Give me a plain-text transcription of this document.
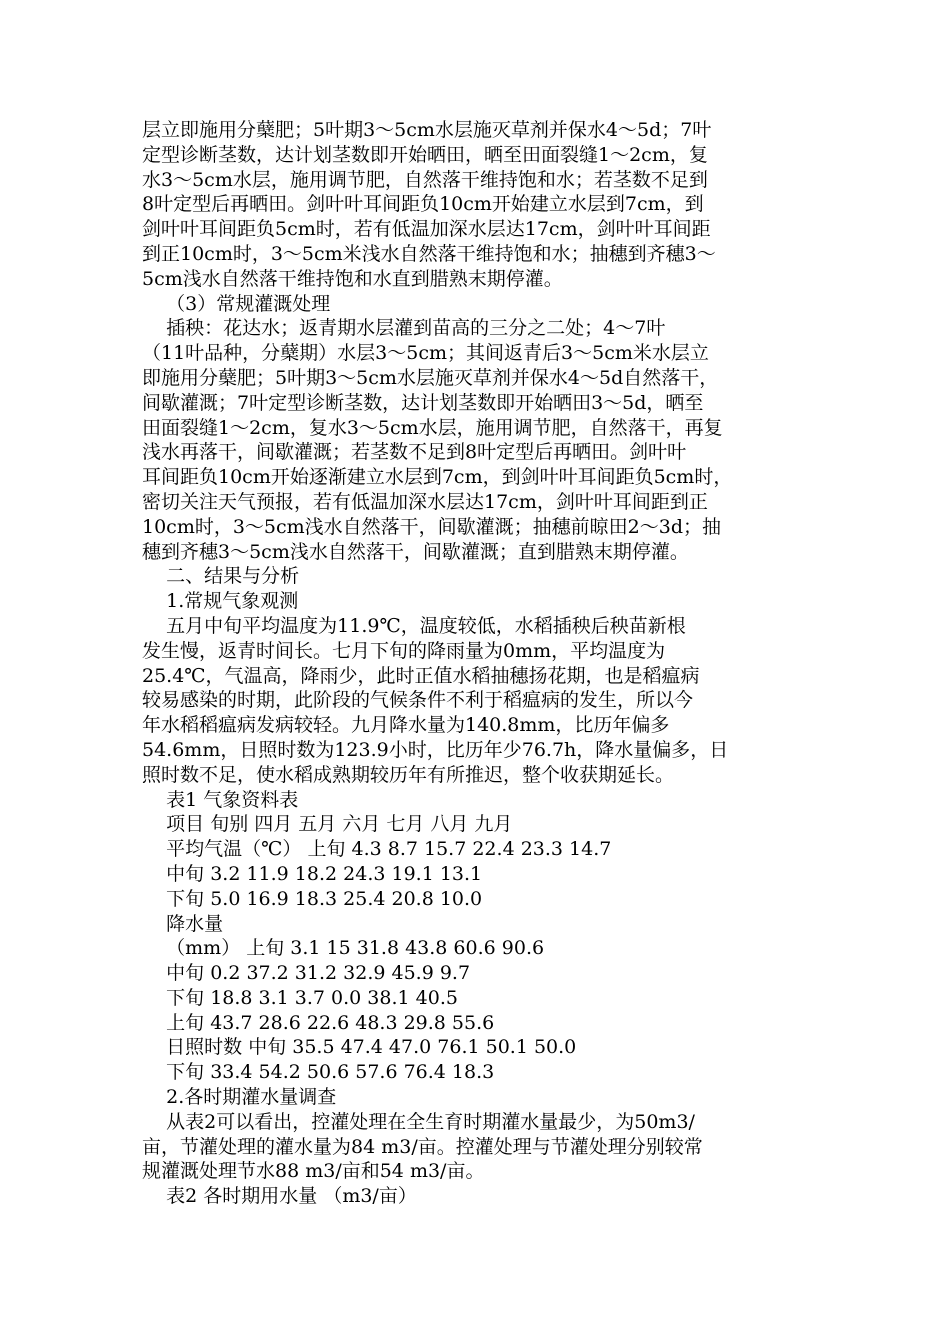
层立即施用分蘖肥；5叶期3～5cm水层施灭草剂并保水4～5d；7叶
定型诊断茎数，达计划茎数即开始晒田，晒至田面裂缝1～2cm，复
水3～5cm水层，施用调节肥，自然落干维持饱和水；若茎数不足到
8叶定型后再晒田。剑叶叶耳间距负10cm开始建立水层到7cm，到
剑叶叶耳间距负5cm时，若有低温加深水层达17cm，剑叶叶耳间距
到正10cm时，3～5cm米浅水自然落干维持饱和水；抽穗到齐穗3～
5cm浅水自然落干维持饱和水直到腊熟末期停灌。
（3）常规灌溉处理
插秧：花达水；返青期水层灌到苗高的三分之二处；4～7叶
（11叶品种，分蘖期）水层3～5cm；其间返青后3～5cm米水层立
即施用分蘖肥；5叶期3～5cm水层施灭草剂并保水4～5d自然落干，
间歇灌溉；7叶定型诊断茎数，达计划茎数即开始晒田3～5d，晒至
田面裂缝1～2cm，复水3～5cm水层，施用调节肥，自然落干，再复
浅水再落干，间歇灌溉；若茎数不足到8叶定型后再晒田。剑叶叶
耳间距负10cm开始逐渐建立水层到7cm，到剑叶叶耳间距负5cm时，
密切关注天气预报，若有低温加深水层达17cm，剑叶叶耳间距到正
10cm时，3～5cm浅水自然落干，间歇灌溉；抽穗前晾田2～3d；抽
穗到齐穗3～5cm浅水自然落干，间歇灌溉；直到腊熟末期停灌。
二、结果与分析
1.常规气象观测
五月中旬平均温度为11.9℃，温度较低，水稻插秧后秧苗新根
发生慢，返青时间长。七月下旬的降雨量为0mm，平均温度为
25.4℃，气温高，降雨少，此时正值水稻抽穗扬花期，也是稻瘟病
较易感染的时期，此阶段的气候条件不利于稻瘟病的发生，所以今
年水稻稻瘟病发病较轻。九月降水量为140.8mm，比历年偏多
54.6mm，日照时数为123.9小时，比历年少76.7h，降水量偏多，日
照时数不足，使水稻成熟期较历年有所推迟，整个收获期延长。
表1 气象资料表
项目 旬别 四月 五月 六月 七月 八月 九月
平均气温（℃） 上旬 4.3 8.7 15.7 22.4 23.3 14.7
中旬 3.2 11.9 18.2 24.3 19.1 13.1
下旬 5.0 16.9 18.3 25.4 20.8 10.0
降水量
（mm） 上旬 3.1 15 31.8 43.8 60.6 90.6
中旬 0.2 37.2 31.2 32.9 45.9 9.7
下旬 18.8 3.1 3.7 0.0 38.1 40.5
上旬 43.7 28.6 22.6 48.3 29.8 55.6
日照时数 中旬 35.5 47.4 47.0 76.1 50.1 50.0
下旬 33.4 54.2 50.6 57.6 76.4 18.3
2.各时期灌水量调查
从表2可以看出，控灌处理在全生育时期灌水量最少，为50m3/
亩，节灌处理的灌水量为84 m3/亩。控灌处理与节灌处理分别较常
规灌溉处理节水88 m3/亩和54 m3/亩。
表2 各时期用水量 （m3/亩）
